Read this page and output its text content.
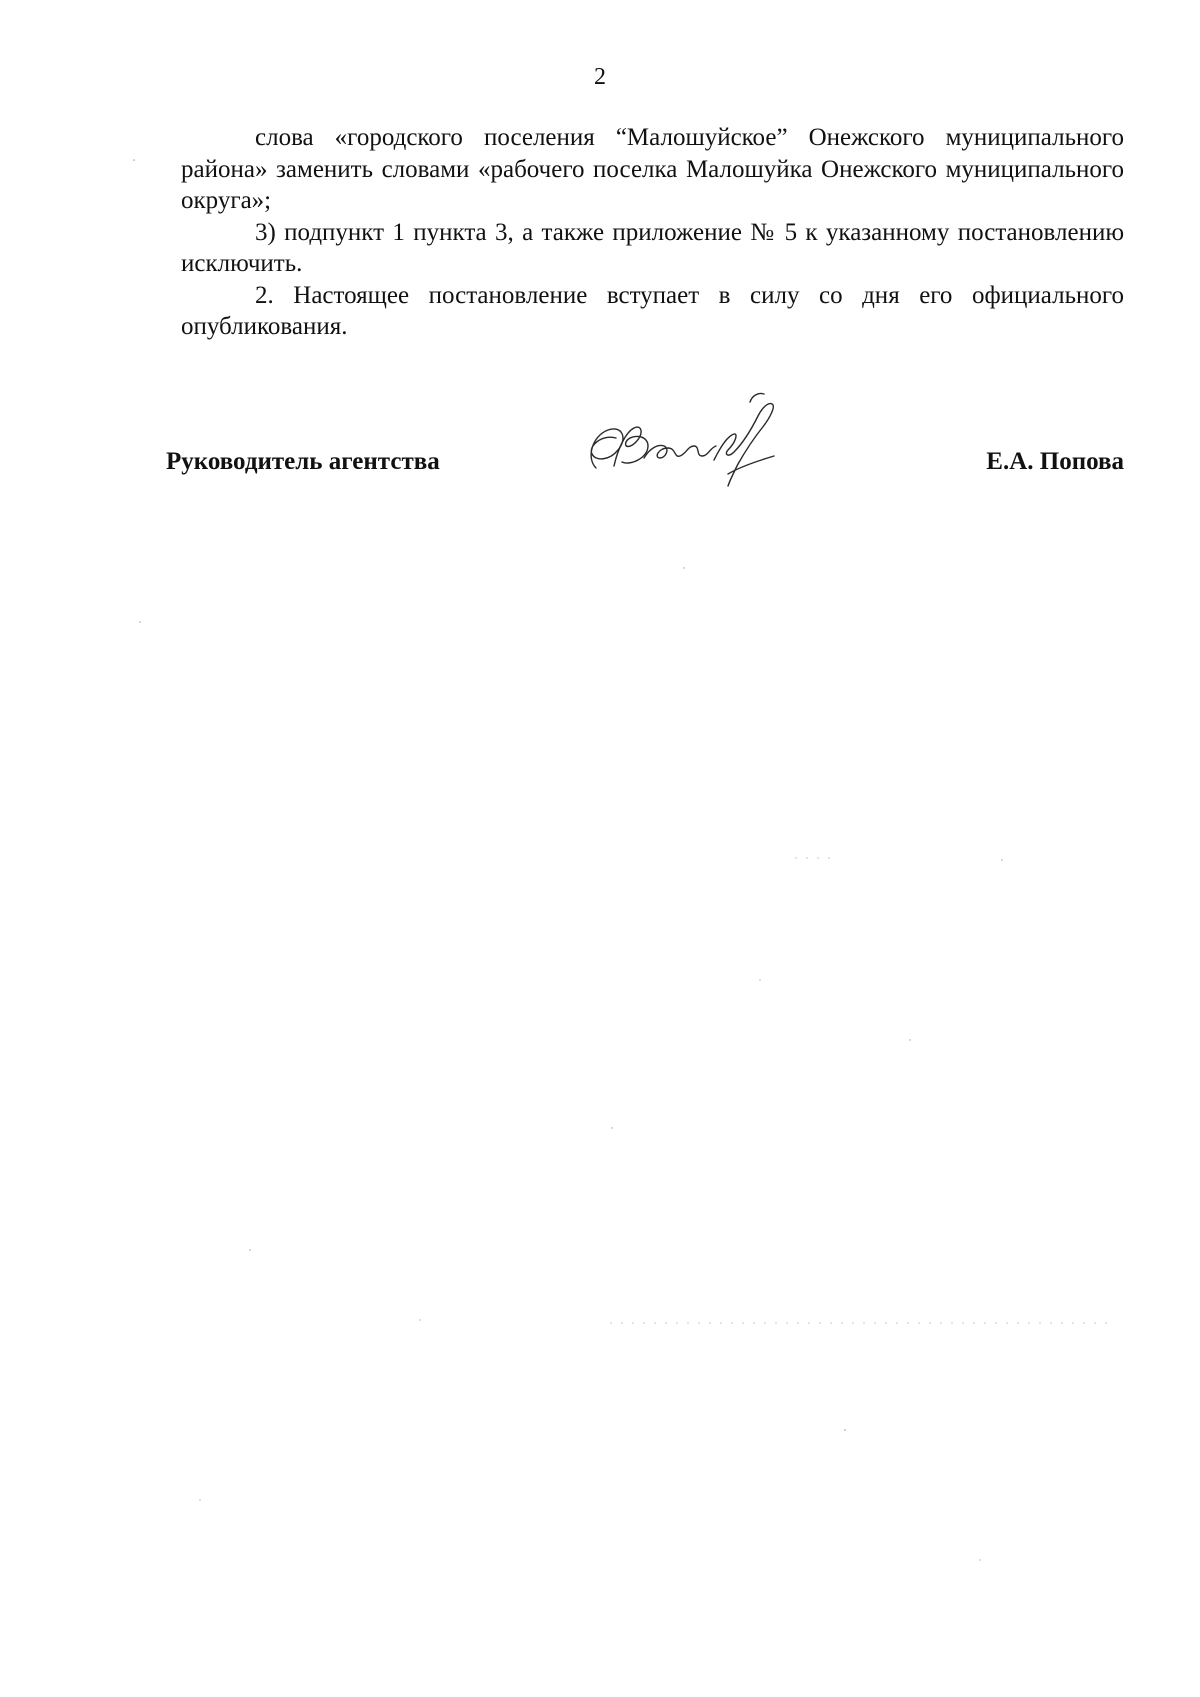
2

слова «городского поселения “Малошуйское” Онежского муниципального района» заменить словами «рабочего поселка Малошуйка Онежского муниципального округа»;

3) подпункт 1 пункта 3, а также приложение № 5 к указанному постановлению исключить.

2. Настоящее постановление вступает в силу со дня его официального опубликования.

Руководитель агентства	Е.А. Попова
